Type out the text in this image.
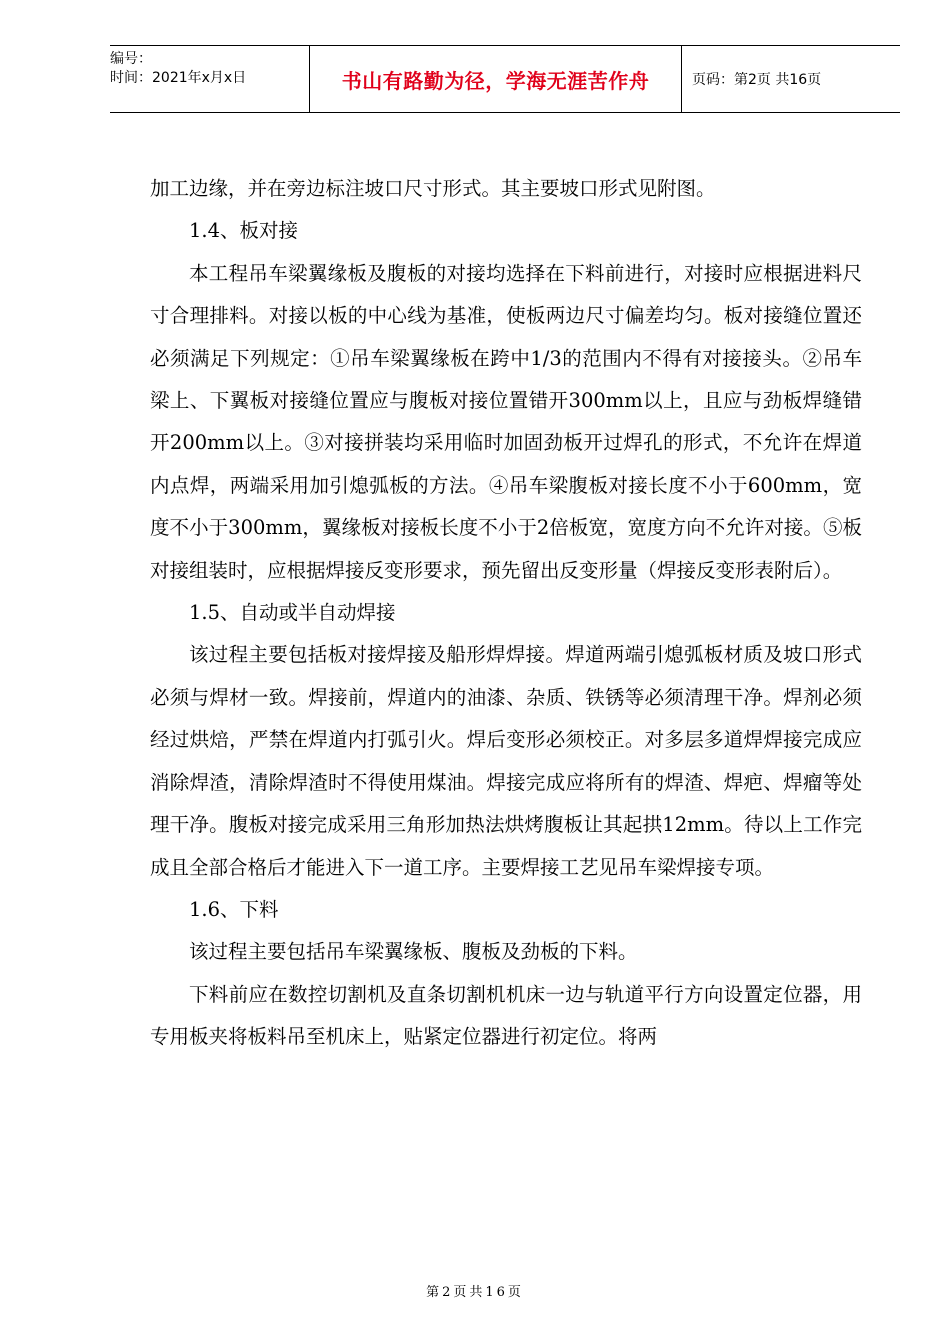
编号：
时间：2021年x月x日	书山有路勤为径，学海无涯苦作舟	页码：第2页 共16页

加工边缘，并在旁边标注坡口尺寸形式。其主要坡口形式见附图。

1.4、板对接

本工程吊车梁翼缘板及腹板的对接均选择在下料前进行，对接时应根据进料尺寸合理排料。对接以板的中心线为基准，使板两边尺寸偏差均匀。板对接缝位置还必须满足下列规定：①吊车梁翼缘板在跨中1/3的范围内不得有对接接头。②吊车梁上、下翼板对接缝位置应与腹板对接位置错开300mm以上，且应与劲板焊缝错开200mm以上。③对接拼装均采用临时加固劲板开过焊孔的形式，不允许在焊道内点焊，两端采用加引熄弧板的方法。④吊车梁腹板对接长度不小于600mm，宽度不小于300mm，翼缘板对接板长度不小于2倍板宽，宽度方向不允许对接。⑤板对接组装时，应根据焊接反变形要求，预先留出反变形量（焊接反变形表附后）。

1.5、自动或半自动焊接

该过程主要包括板对接焊接及船形焊焊接。焊道两端引熄弧板材质及坡口形式必须与焊材一致。焊接前，焊道内的油漆、杂质、铁锈等必须清理干净。焊剂必须经过烘焙，严禁在焊道内打弧引火。焊后变形必须校正。对多层多道焊焊接完成应消除焊渣，清除焊渣时不得使用煤油。焊接完成应将所有的焊渣、焊疤、焊瘤等处理干净。腹板对接完成采用三角形加热法烘烤腹板让其起拱12mm。待以上工作完成且全部合格后才能进入下一道工序。主要焊接工艺见吊车梁焊接专项。

1.6、下料

该过程主要包括吊车梁翼缘板、腹板及劲板的下料。

下料前应在数控切割机及直条切割机机床一边与轨道平行方向设置定位器，用专用板夹将板料吊至机床上，贴紧定位器进行初定位。将两

第2页共16页
